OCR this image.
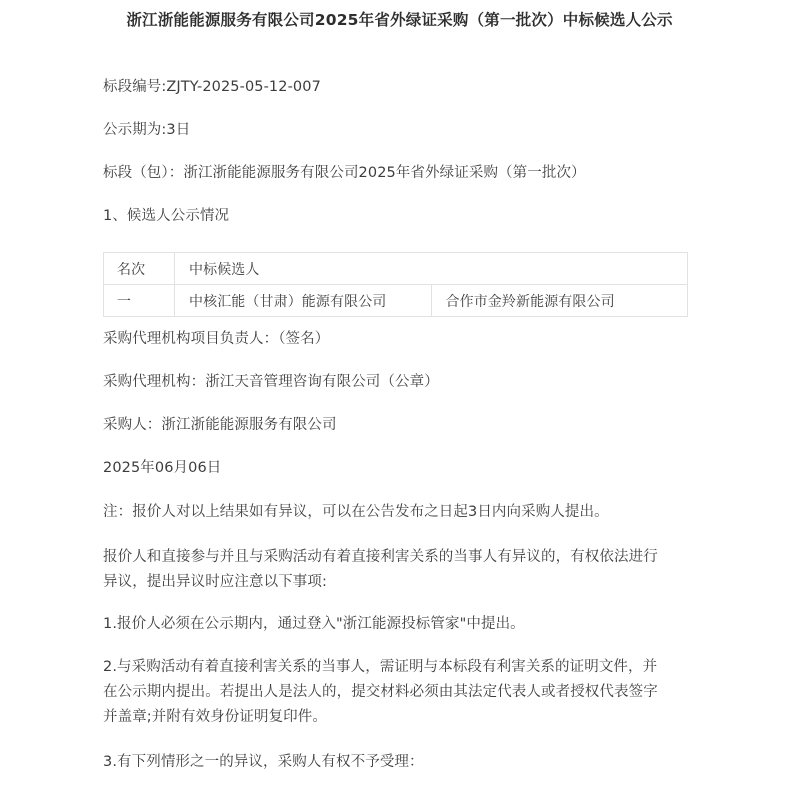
浙江浙能能源服务有限公司2025年省外绿证采购（第一批次）中标候选人公示

标段编号:ZJTY-2025-05-12-007

公示期为:3日

标段（包）：浙江浙能能源服务有限公司2025年省外绿证采购（第一批次）

1、候选人公示情况

名次	中标候选人	
一	中核汇能（甘肃）能源有限公司	合作市金羚新能源有限公司

采购代理机构项目负责人：（签名）

采购代理机构：浙江天音管理咨询有限公司（公章）

采购人：浙江浙能能源服务有限公司

2025年06月06日

注：报价人对以上结果如有异议，可以在公告发布之日起3日内向采购人提出。

报价人和直接参与并且与采购活动有着直接利害关系的当事人有异议的，有权依法进行
异议，提出异议时应注意以下事项:

1.报价人必须在公示期内，通过登入"浙江能源投标管家"中提出。

2.与采购活动有着直接利害关系的当事人，需证明与本标段有利害关系的证明文件，并
在公示期内提出。若提出人是法人的，提交材料必须由其法定代表人或者授权代表签字
并盖章;并附有效身份证明复印件。

3.有下列情形之一的异议，采购人有权不予受理：
